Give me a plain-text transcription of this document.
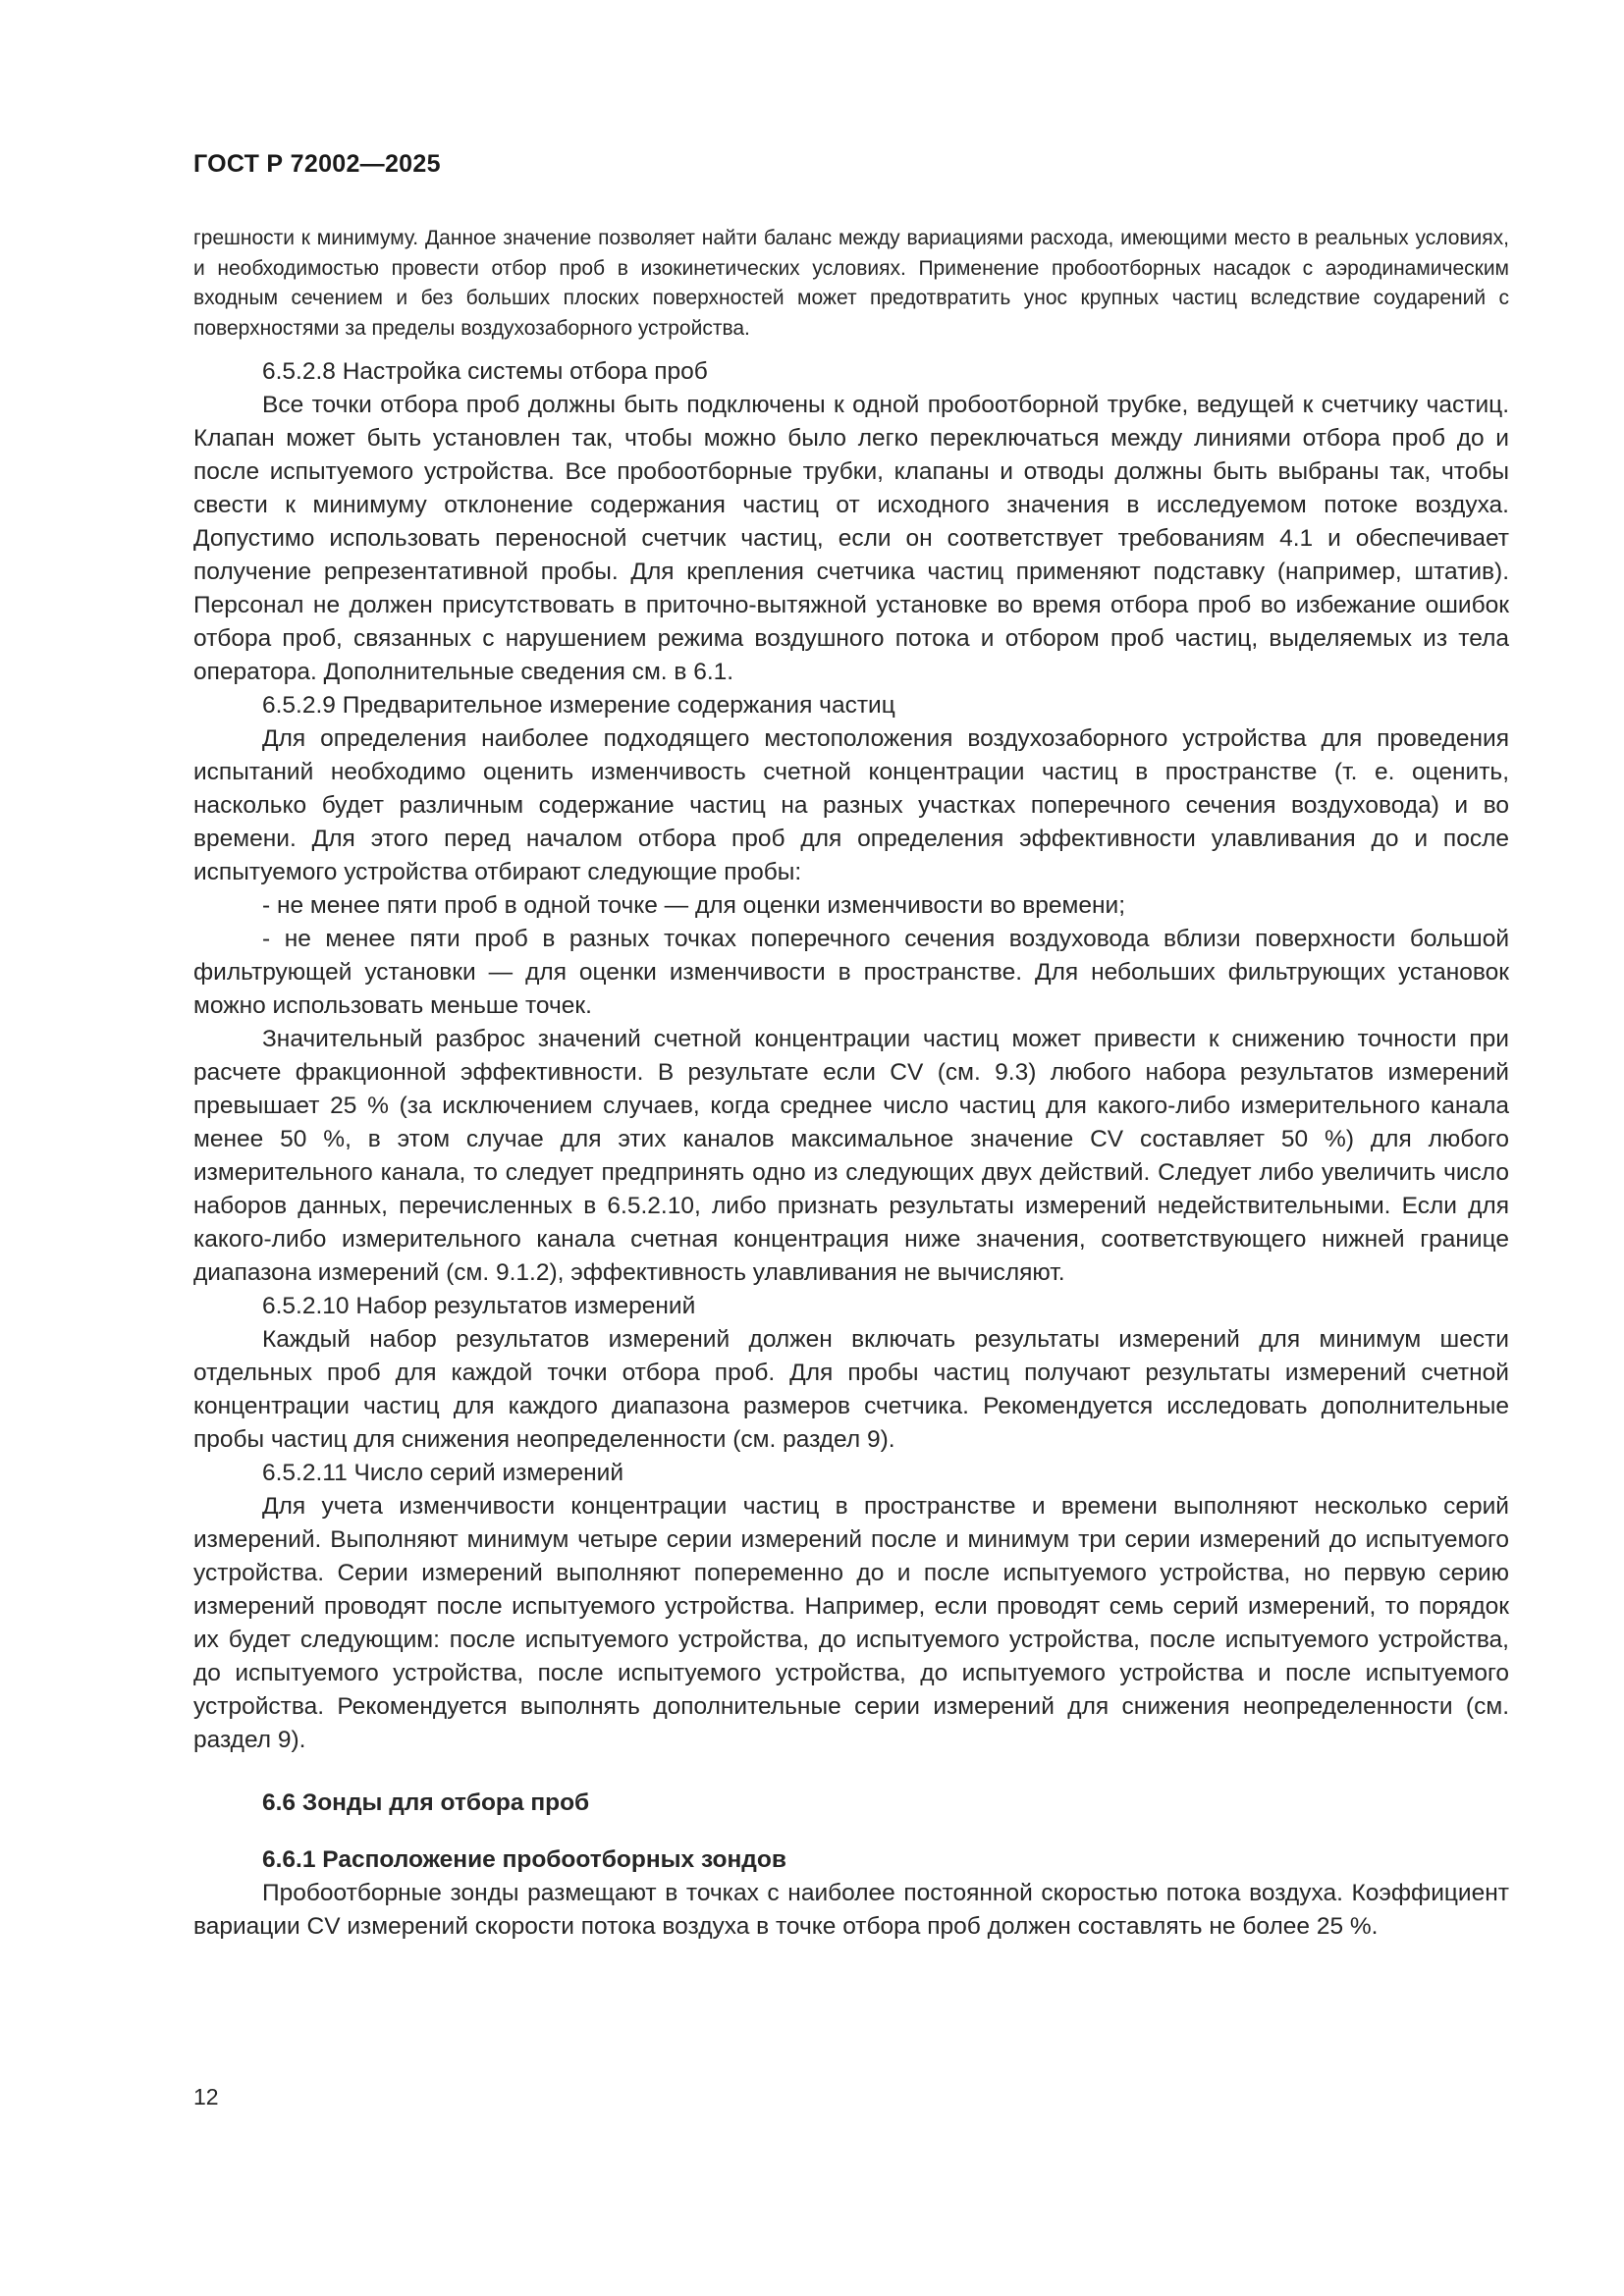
ГОСТ Р 72002—2025

грешности к минимуму. Данное значение позволяет найти баланс между вариациями расхода, имеющими место в реальных условиях, и необходимостью провести отбор проб в изокинетических условиях. Применение пробоотборных насадок с аэродинамическим входным сечением и без больших плоских поверхностей может предотвратить унос крупных частиц вследствие соударений с поверхностями за пределы воздухозаборного устройства.

6.5.2.8 Настройка системы отбора проб

Все точки отбора проб должны быть подключены к одной пробоотборной трубке, ведущей к счетчику частиц. Клапан может быть установлен так, чтобы можно было легко переключаться между линиями отбора проб до и после испытуемого устройства. Все пробоотборные трубки, клапаны и отводы должны быть выбраны так, чтобы свести к минимуму отклонение содержания частиц от исходного значения в исследуемом потоке воздуха. Допустимо использовать переносной счетчик частиц, если он соответствует требованиям 4.1 и обеспечивает получение репрезентативной пробы. Для крепления счетчика частиц применяют подставку (например, штатив). Персонал не должен присутствовать в приточно-вытяжной установке во время отбора проб во избежание ошибок отбора проб, связанных с нарушением режима воздушного потока и отбором проб частиц, выделяемых из тела оператора. Дополнительные сведения см. в 6.1.

6.5.2.9 Предварительное измерение содержания частиц

Для определения наиболее подходящего местоположения воздухозаборного устройства для проведения испытаний необходимо оценить изменчивость счетной концентрации частиц в пространстве (т. е. оценить, насколько будет различным содержание частиц на разных участках поперечного сечения воздуховода) и во времени. Для этого перед началом отбора проб для определения эффективности улавливания до и после испытуемого устройства отбирают следующие пробы:

- не менее пяти проб в одной точке — для оценки изменчивости во времени;

- не менее пяти проб в разных точках поперечного сечения воздуховода вблизи поверхности большой фильтрующей установки — для оценки изменчивости в пространстве. Для небольших фильтрующих установок можно использовать меньше точек.

Значительный разброс значений счетной концентрации частиц может привести к снижению точности при расчете фракционной эффективности. В результате если CV (см. 9.3) любого набора результатов измерений превышает 25 % (за исключением случаев, когда среднее число частиц для какого-либо измерительного канала менее 50 %, в этом случае для этих каналов максимальное значение CV составляет 50 %) для любого измерительного канала, то следует предпринять одно из следующих двух действий. Следует либо увеличить число наборов данных, перечисленных в 6.5.2.10, либо признать результаты измерений недействительными. Если для какого-либо измерительного канала счетная концентрация ниже значения, соответствующего нижней границе диапазона измерений (см. 9.1.2), эффективность улавливания не вычисляют.

6.5.2.10 Набор результатов измерений

Каждый набор результатов измерений должен включать результаты измерений для минимум шести отдельных проб для каждой точки отбора проб. Для пробы частиц получают результаты измерений счетной концентрации частиц для каждого диапазона размеров счетчика. Рекомендуется исследовать дополнительные пробы частиц для снижения неопределенности (см. раздел 9).

6.5.2.11 Число серий измерений

Для учета изменчивости концентрации частиц в пространстве и времени выполняют несколько серий измерений. Выполняют минимум четыре серии измерений после и минимум три серии измерений до испытуемого устройства. Серии измерений выполняют попеременно до и после испытуемого устройства, но первую серию измерений проводят после испытуемого устройства. Например, если проводят семь серий измерений, то порядок их будет следующим: после испытуемого устройства, до испытуемого устройства, после испытуемого устройства, до испытуемого устройства, после испытуемого устройства, до испытуемого устройства и после испытуемого устройства. Рекомендуется выполнять дополнительные серии измерений для снижения неопределенности (см. раздел 9).

6.6 Зонды для отбора проб

6.6.1 Расположение пробоотборных зондов

Пробоотборные зонды размещают в точках с наиболее постоянной скоростью потока воздуха. Коэффициент вариации CV измерений скорости потока воздуха в точке отбора проб должен составлять не более 25 %.

12
